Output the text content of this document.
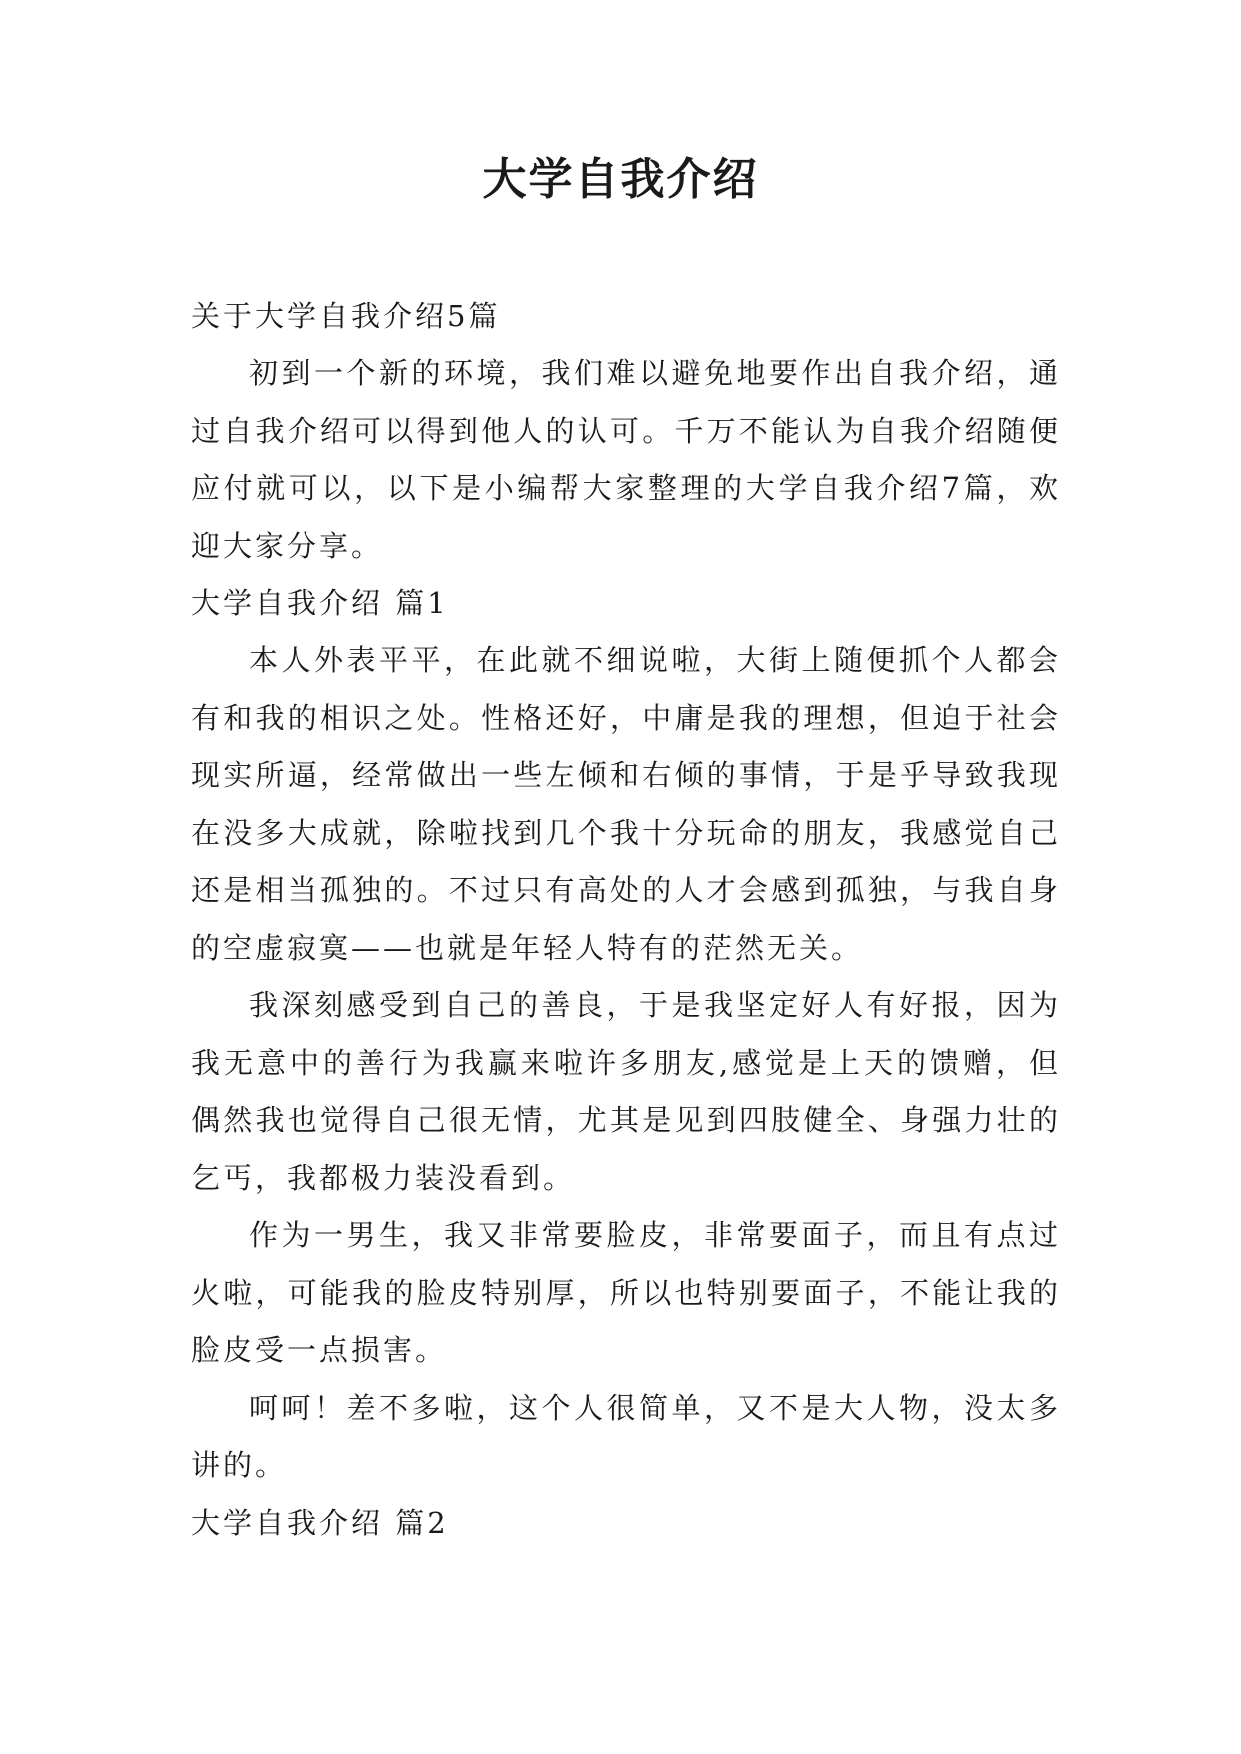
大学自我介绍

关于大学自我介绍5篇

初到一个新的环境，我们难以避免地要作出自我介绍，通过自我介绍可以得到他人的认可。千万不能认为自我介绍随便应付就可以，以下是小编帮大家整理的大学自我介绍7篇，欢迎大家分享。

大学自我介绍 篇1

本人外表平平，在此就不细说啦，大街上随便抓个人都会有和我的相识之处。性格还好，中庸是我的理想，但迫于社会现实所逼，经常做出一些左倾和右倾的事情，于是乎导致我现在没多大成就，除啦找到几个我十分玩命的朋友，我感觉自己还是相当孤独的。不过只有高处的人才会感到孤独，与我自身的空虚寂寞——也就是年轻人特有的茫然无关。

我深刻感受到自己的善良，于是我坚定好人有好报，因为我无意中的善行为我赢来啦许多朋友,感觉是上天的馈赠，但偶然我也觉得自己很无情，尤其是见到四肢健全、身强力壮的乞丐，我都极力装没看到。

作为一男生，我又非常要脸皮，非常要面子，而且有点过火啦，可能我的脸皮特别厚，所以也特别要面子，不能让我的脸皮受一点损害。

呵呵！差不多啦，这个人很简单，又不是大人物，没太多讲的。

大学自我介绍 篇2
